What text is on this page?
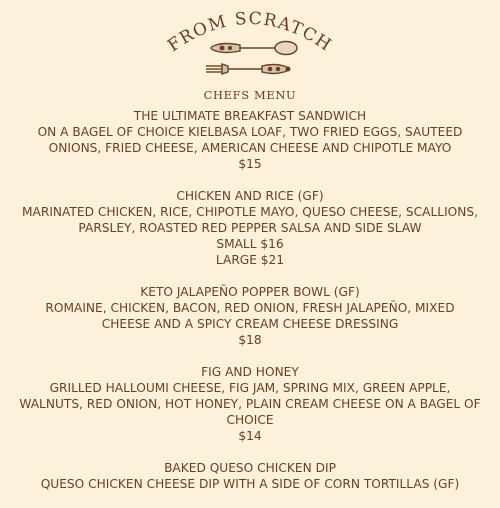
FROM SCRATCH
CHEFS MENU
THE ULTIMATE BREAKFAST SANDWICH
ON A BAGEL OF CHOICE KIELBASA LOAF, TWO FRIED EGGS, SAUTEED
ONIONS, FRIED CHEESE, AMERICAN CHEESE AND CHIPOTLE MAYO
$15
CHICKEN AND RICE (GF)
MARINATED CHICKEN, RICE, CHIPOTLE MAYO, QUESO CHEESE, SCALLIONS,
PARSLEY, ROASTED RED PEPPER SALSA AND SIDE SLAW
SMALL $16
LARGE $21
KETO JALAPEÑO POPPER BOWL (GF)
ROMAINE, CHICKEN, BACON, RED ONION, FRESH JALAPEÑO, MIXED
CHEESE AND A SPICY CREAM CHEESE DRESSING
$18
FIG AND HONEY
GRILLED HALLOUMI CHEESE, FIG JAM, SPRING MIX, GREEN APPLE,
WALNUTS, RED ONION, HOT HONEY, PLAIN CREAM CHEESE ON A BAGEL OF
CHOICE
$14
BAKED QUESO CHICKEN DIP
QUESO CHICKEN CHEESE DIP WITH A SIDE OF CORN TORTILLAS (GF)
